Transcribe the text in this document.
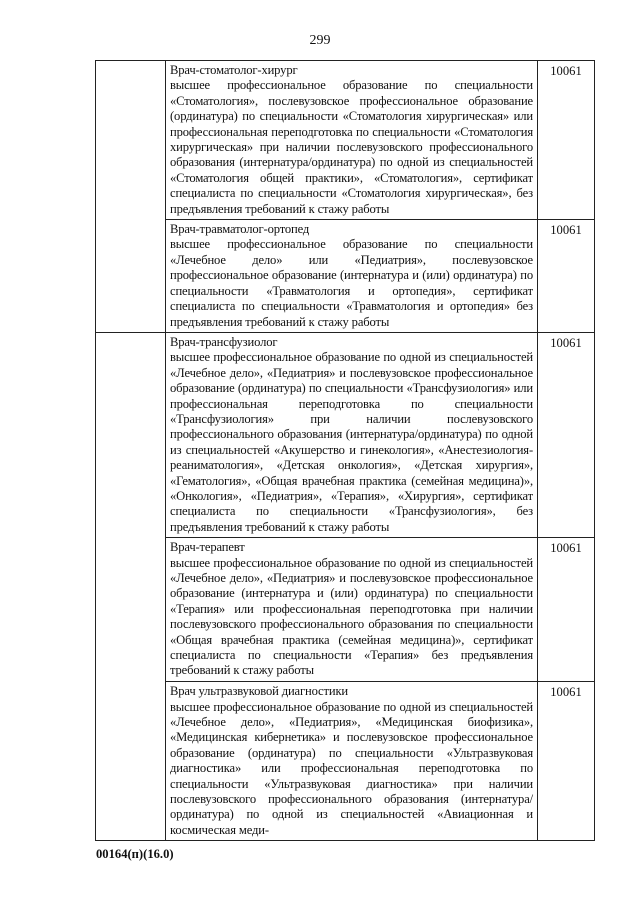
299

	Врач-стоматолог-хирург
высшее профессиональное образование по специальности «Стоматология», послевузовское профессиональное образование (ординатура) по специальности «Стоматология хирургическая» или профессиональная переподготовка по специальности «Стоматология хирургическая» при наличии послевузовского профессионального образования (интернатура/ординатура) по одной из специальностей «Стоматология общей практики», «Стоматология», сертификат специалиста по специальности «Стоматология хирургическая», без предъявления требований к стажу работы	10061

	Врач-травматолог-ортопед
высшее профессиональное образование по специальности «Лечебное дело» или «Педиатрия», послевузовское профессиональное образование (интернатура и (или) ординатура) по специальности «Травматология и ортопедия», сертификат специалиста по специальности «Травматология и ортопедия» без предъявления требований к стажу работы	10061

	Врач-трансфузиолог
высшее профессиональное образование по одной из специальностей «Лечебное дело», «Педиатрия» и послевузовское профессиональное образование (ординатура) по специальности «Трансфузиология» или профессиональная переподготовка по специальности «Трансфузиология» при наличии послевузовского профессионального образования (интернатура/ординатура) по одной из специальностей «Акушерство и гинекология», «Анестезиология-реаниматология», «Детская онкология», «Детская хирургия», «Гематология», «Общая врачебная практика (семейная медицина)», «Онкология», «Педиатрия», «Терапия», «Хирургия», сертификат специалиста по специальности «Трансфузиология», без предъявления требований к стажу работы	10061

	Врач-терапевт
высшее профессиональное образование по одной из специальностей «Лечебное дело», «Педиатрия» и послевузовское профессиональное образование (интернатура и (или) ординатура) по специальности «Терапия» или профессиональная переподготовка при наличии послевузовского профессионального образования по специальности «Общая врачебная практика (семейная медицина)», сертификат специалиста по специальности «Терапия» без предъявления требований к стажу работы	10061

	Врач ультразвуковой диагностики
высшее профессиональное образование по одной из специальностей «Лечебное дело», «Педиатрия», «Медицинская биофизика», «Медицинская кибернетика» и послевузовское профессиональное образование (ординатура) по специальности «Ультразвуковая диагностика» или профессиональная переподготовка по специальности «Ультразвуковая диагностика» при наличии послевузовского профессионального образования (интернатура/ординатура) по одной из специальностей «Авиационная и космическая меди-	10061
00164(п)(16.0)
